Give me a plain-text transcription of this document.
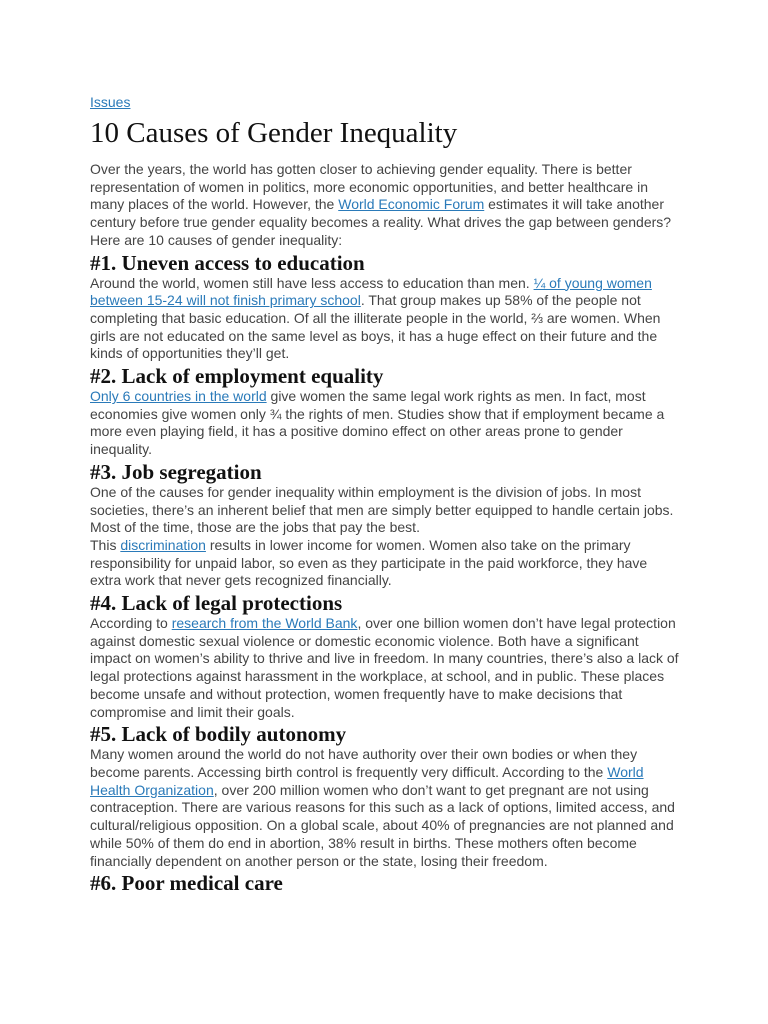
Issues
10 Causes of Gender Inequality

Over the years, the world has gotten closer to achieving gender equality. There is better representation of women in politics, more economic opportunities, and better healthcare in many places of the world. However, the World Economic Forum estimates it will take another century before true gender equality becomes a reality. What drives the gap between genders? Here are 10 causes of gender inequality:

#1. Uneven access to education

Around the world, women still have less access to education than men. ¼ of young women between 15-24 will not finish primary school. That group makes up 58% of the people not completing that basic education. Of all the illiterate people in the world, ⅔ are women. When girls are not educated on the same level as boys, it has a huge effect on their future and the kinds of opportunities they’ll get.

#2. Lack of employment equality

Only 6 countries in the world give women the same legal work rights as men. In fact, most economies give women only ¾ the rights of men. Studies show that if employment became a more even playing field, it has a positive domino effect on other areas prone to gender inequality.

#3. Job segregation

One of the causes for gender inequality within employment is the division of jobs. In most societies, there’s an inherent belief that men are simply better equipped to handle certain jobs. Most of the time, those are the jobs that pay the best.

This discrimination results in lower income for women. Women also take on the primary responsibility for unpaid labor, so even as they participate in the paid workforce, they have extra work that never gets recognized financially.

#4. Lack of legal protections

According to research from the World Bank, over one billion women don’t have legal protection against domestic sexual violence or domestic economic violence. Both have a significant impact on women’s ability to thrive and live in freedom. In many countries, there’s also a lack of legal protections against harassment in the workplace, at school, and in public. These places become unsafe and without protection, women frequently have to make decisions that compromise and limit their goals.

#5. Lack of bodily autonomy

Many women around the world do not have authority over their own bodies or when they become parents. Accessing birth control is frequently very difficult. According to the World Health Organization, over 200 million women who don’t want to get pregnant are not using contraception. There are various reasons for this such as a lack of options, limited access, and cultural/religious opposition. On a global scale, about 40% of pregnancies are not planned and while 50% of them do end in abortion, 38% result in births. These mothers often become financially dependent on another person or the state, losing their freedom.

#6. Poor medical care
